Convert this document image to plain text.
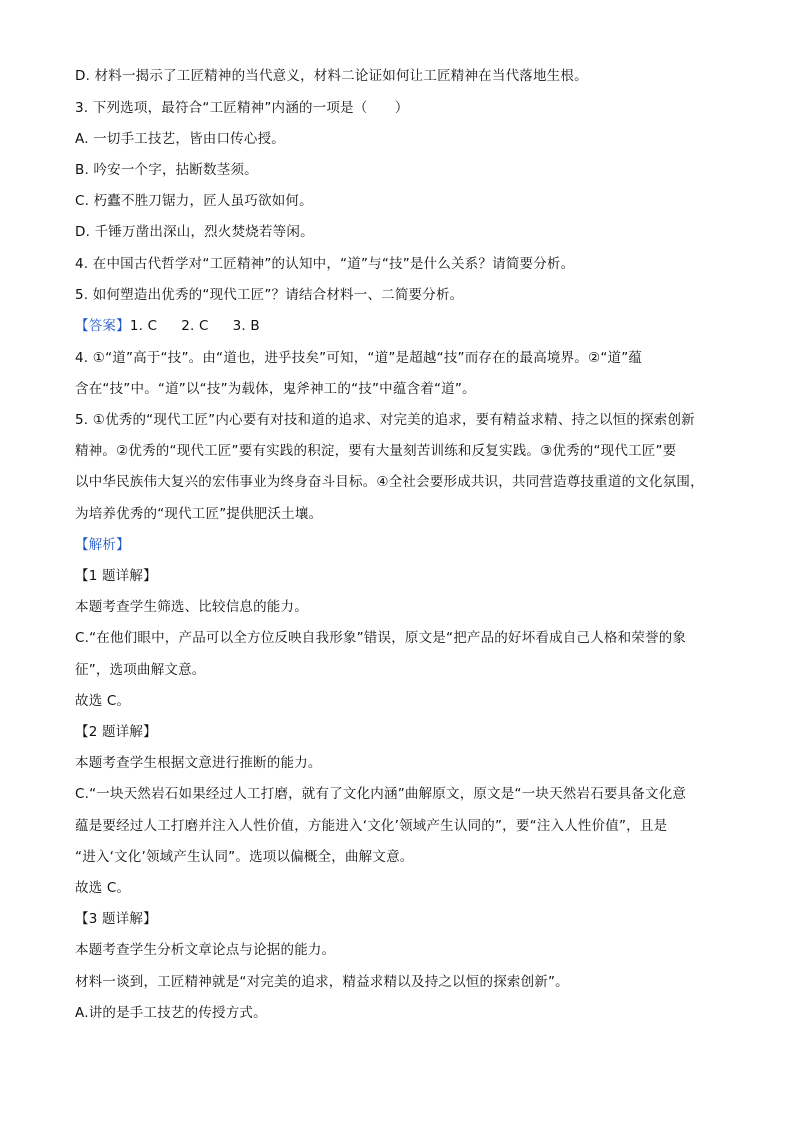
D. 材料一揭示了工匠精神的当代意义，材料二论证如何让工匠精神在当代落地生根。
3. 下列选项，最符合“工匠精神”内涵的一项是（　　）
A. 一切手工技艺，皆由口传心授。
B. 吟安一个字，拈断数茎须。
C. 朽蠹不胜刀锯力，匠人虽巧欲如何。
D. 千锤万凿出深山，烈火焚烧若等闲。
4. 在中国古代哲学对“工匠精神”的认知中，“道”与“技”是什么关系？请简要分析。
5. 如何塑造出优秀的“现代工匠”？请结合材料一、二简要分析。
【答案】1. C 2. C 3. B
4. ①“道”高于“技”。由“道也，进乎技矣”可知，“道”是超越“技”而存在的最高境界。②“道”蕴
含在“技”中。“道”以“技”为载体，鬼斧神工的“技”中蕴含着“道”。
5. ①优秀的“现代工匠”内心要有对技和道的追求、对完美的追求，要有精益求精、持之以恒的探索创新
精神。②优秀的“现代工匠”要有实践的积淀，要有大量刻苦训练和反复实践。③优秀的“现代工匠”要
以中华民族伟大复兴的宏伟事业为终身奋斗目标。④全社会要形成共识，共同营造尊技重道的文化氛围，
为培养优秀的“现代工匠”提供肥沃土壤。
【解析】
【1 题详解】
本题考查学生筛选、比较信息的能力。
C.“在他们眼中，产品可以全方位反映自我形象”错误，原文是“把产品的好坏看成自己人格和荣誉的象
征”，选项曲解文意。
故选 C。
【2 题详解】
本题考查学生根据文意进行推断的能力。
C.“一块天然岩石如果经过人工打磨，就有了文化内涵”曲解原文，原文是“一块天然岩石要具备文化意
蕴是要经过人工打磨并注入人性价值，方能进入‘文化’领域产生认同的”，要“注入人性价值”，且是
“进入‘文化’领域产生认同”。选项以偏概全，曲解文意。
故选 C。
【3 题详解】
本题考查学生分析文章论点与论据的能力。
材料一谈到，工匠精神就是“对完美的追求，精益求精以及持之以恒的探索创新”。
A.讲的是手工技艺的传授方式。
